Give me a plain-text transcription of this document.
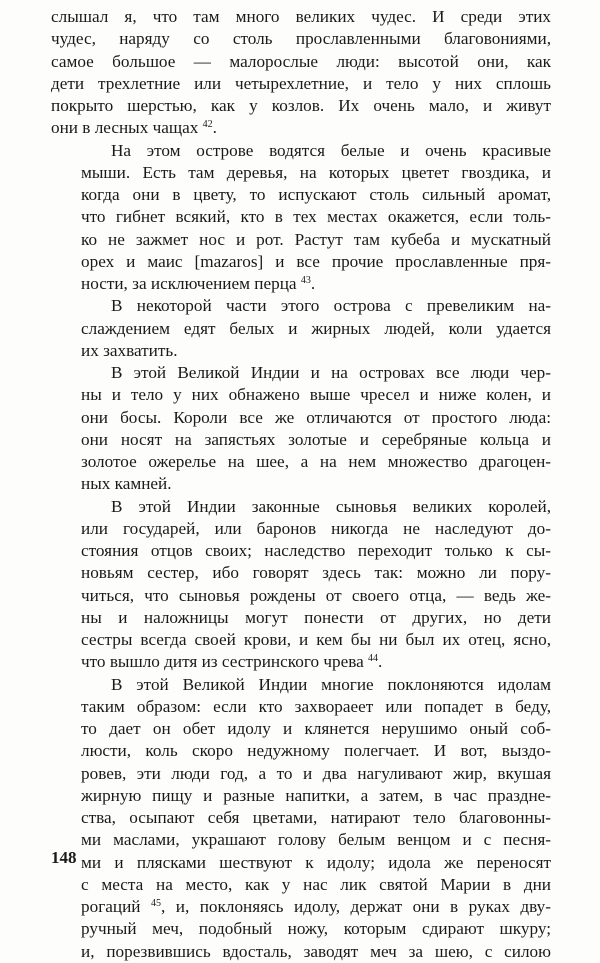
слышал я, что там много великих чудес. И среди этих
чудес, наряду со столь прославленными благовониями,
самое большое — малорослые люди: высотой они, как
дети трехлетние или четырехлетние, и тело у них сплошь
покрыто шерстью, как у козлов. Их очень мало, и живут
они в лесных чащах $^{42}$.

На этом острове водятся белые и очень красивые
мыши. Есть там деревья, на которых цветет гвоздика, и
когда они в цвету, то испускают столь сильный аромат,
что гибнет всякий, кто в тех местах окажется, если толь-
ко не зажмет нос и рот. Растут там кубеба и мускатный
орех и маис [mazaros] и все прочие прославленные пря-
ности, за исключением перца $^{43}$.

В некоторой части этого острова с превеликим на-
слаждением едят белых и жирных людей, коли удается
их захватить.

В этой Великой Индии и на островах все люди чер-
ны и тело у них обнажено выше чресел и ниже колен, и
они босы. Короли все же отличаются от простого люда:
они носят на запястьях золотые и серебряные кольца и
золотое ожерелье на шее, а на нем множество драгоцен-
ных камней.

В этой Индии законные сыновья великих королей,
или государей, или баронов никогда не наследуют до-
стояния отцов своих; наследство переходит только к сы-
новьям сестер, ибо говорят здесь так: можно ли пору-
читься, что сыновья рождены от своего отца, — ведь же-
ны и наложницы могут понести от других, но дети
сестры всегда своей крови, и кем бы ни был их отец, ясно,
что вышло дитя из сестринского чрева $^{44}$.

В этой Великой Индии многие поклоняются идолам
таким образом: если кто захвораеет или попадет в беду,
то дает он обет идолу и клянется нерушимо оный соб-
люсти, коль скоро недужному полегчает. И вот, выздо-
ровев, эти люди год, а то и два нагуливают жир, вкушая
жирную пищу и разные напитки, а затем, в час праздне-
ства, осыпают себя цветами, натирают тело благовонны-
ми маслами, украшают голову белым венцом и с песня-
ми и плясками шествуют к идолу; идола же переносят
с места на место, как у нас лик святой Марии в дни
рогаций $^{45}$, и, поклоняясь идолу, держат они в руках дву-
ручный меч, подобный ножу, которым сдирают шкуру;
и, порезвившись вдосталь, заводят меч за шею, с силою

148
